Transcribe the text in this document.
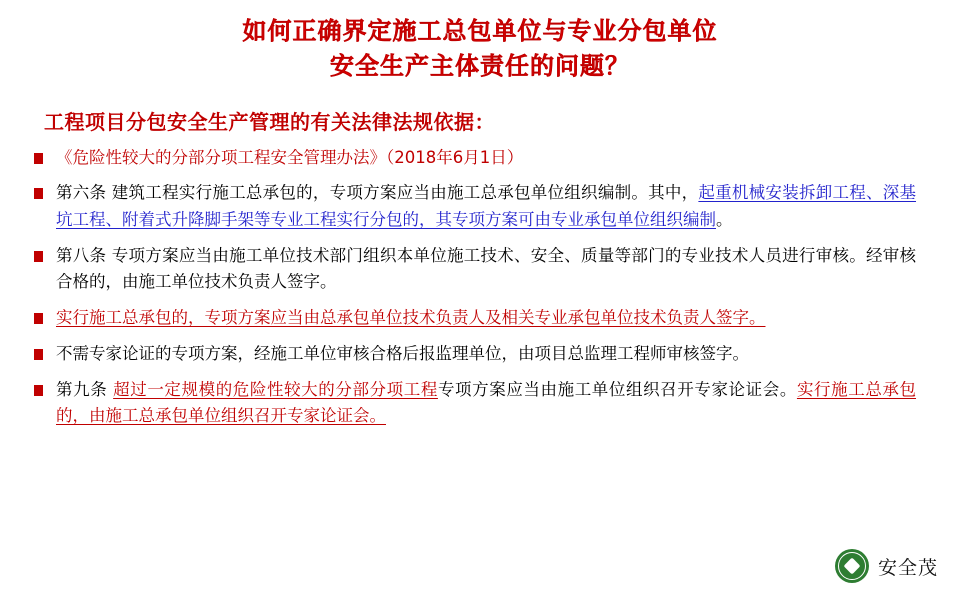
如何正确界定施工总包单位与专业分包单位
安全生产主体责任的问题？
工程项目分包安全生产管理的有关法律法规依据：
《危险性较大的分部分项工程安全管理办法》（2018年6月1日）
第六条 建筑工程实行施工总承包的，专项方案应当由施工总承包单位组织编制。其中，起重机械安装拆卸工程、深基坑工程、附着式升降脚手架等专业工程实行分包的，其专项方案可由专业承包单位组织编制。
第八条 专项方案应当由施工单位技术部门组织本单位施工技术、安全、质量等部门的专业技术人员进行审核。经审核合格的，由施工单位技术负责人签字。
实行施工总承包的，专项方案应当由总承包单位技术负责人及相关专业承包单位技术负责人签字。
不需专家论证的专项方案，经施工单位审核合格后报监理单位，由项目总监理工程师审核签字。
第九条 超过一定规模的危险性较大的分部分项工程专项方案应当由施工单位组织召开专家论证会。实行施工总承包的，由施工总承包单位组织召开专家论证会。
安全茂
